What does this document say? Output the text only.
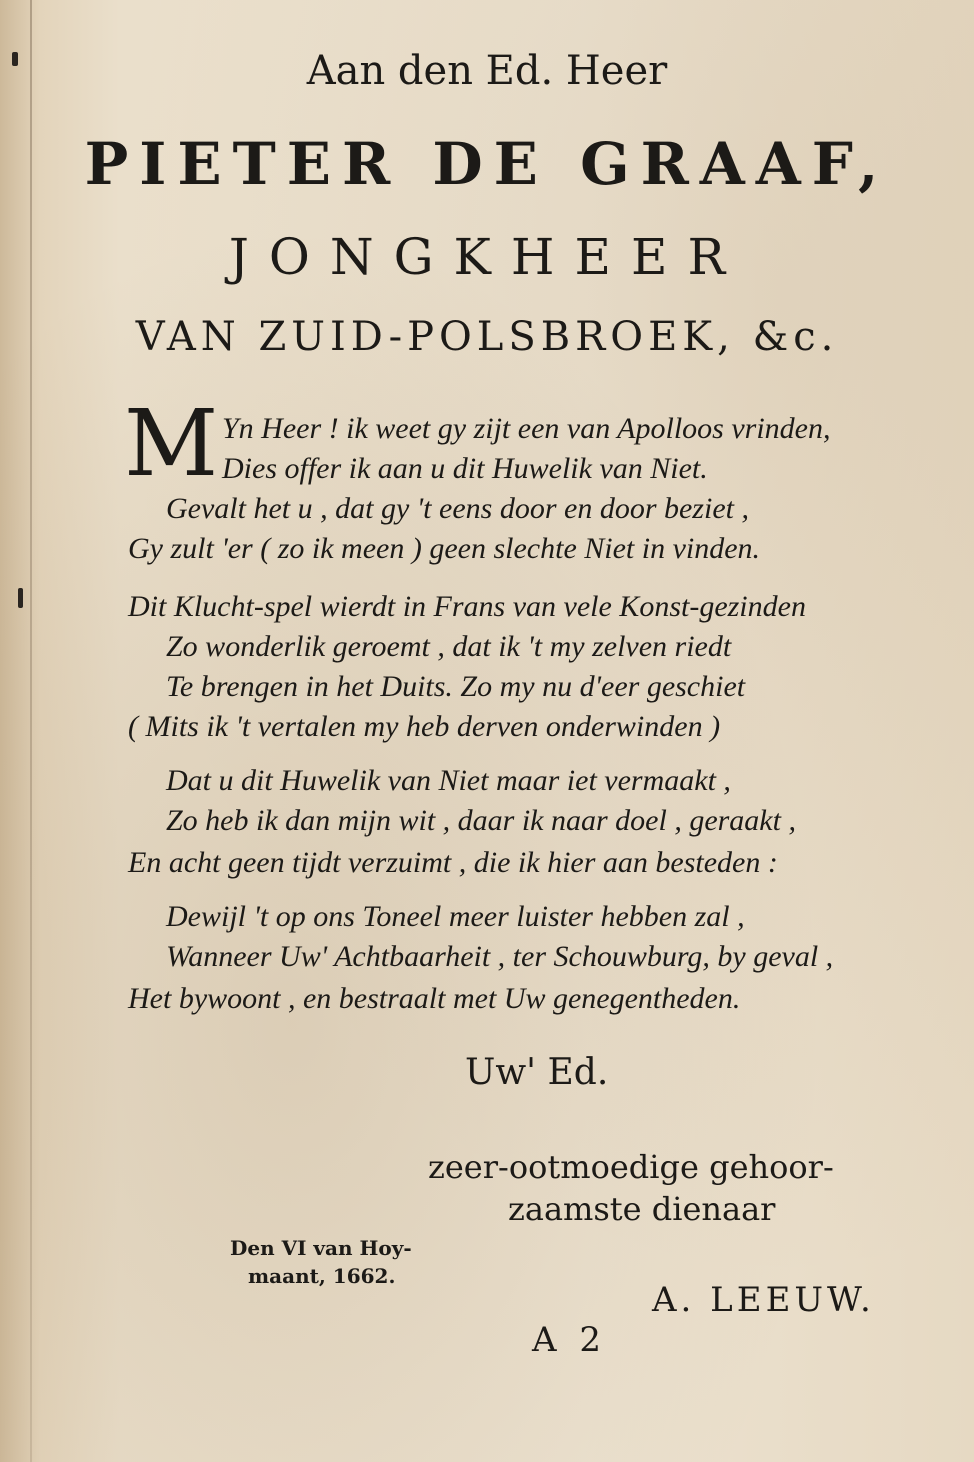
Aan den Ed. Heer
PIETER DE GRAAF,
JONGKHEER
VAN ZUID-POLSBROEK, &c.
M Yn Heer ! ik weet gy zijt een van Apolloos vrinden,
Dies offer ik aan u dit Huwelik van Niet.
Gevalt het u , dat gy 't eens door en door beziet ,
Gy zult 'er ( zo ik meen ) geen slechte Niet in vinden.
Dit Klucht-spel wierdt in Frans van vele Konst-gezinden
Zo wonderlik geroemt , dat ik 't my zelven riedt
Te brengen in het Duits. Zo my nu d'eer geschiet
( Mits ik 't vertalen my heb derven onderwinden )
Dat u dit Huwelik van Niet maar iet vermaakt ,
Zo heb ik dan mijn wit , daar ik naar doel , geraakt ,
En acht geen tijdt verzuimt , die ik hier aan besteden :
Dewijl 't op ons Toneel meer luister hebben zal ,
Wanneer Uw' Achtbaarheit , ter Schouwburg, by geval ,
Het bywoont , en bestraalt met Uw genegentheden.
Uw' Ed.
zeer-ootmoedige gehoor-
zaamste dienaar
Den VI van Hoy-
maant, 1662.
A. LEEUW.
A 2
